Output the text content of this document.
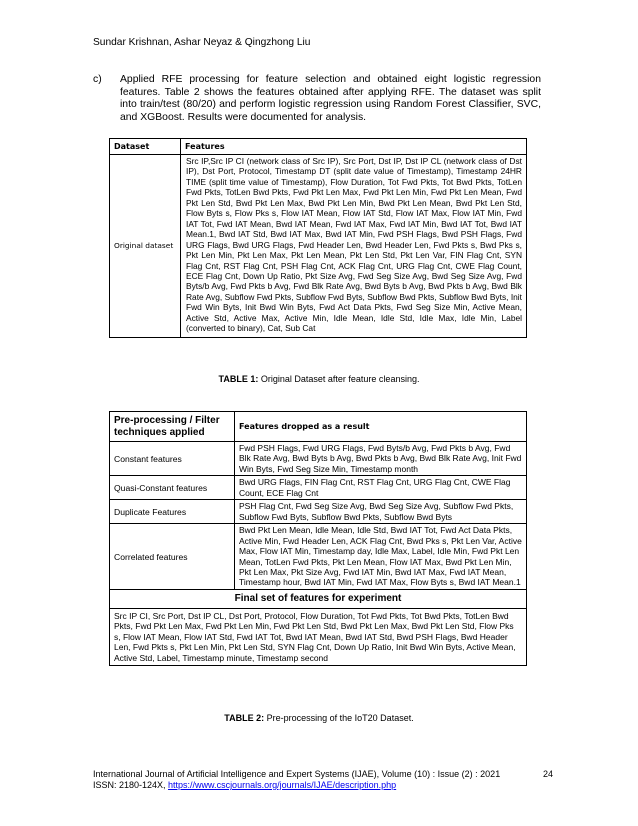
Sundar Krishnan, Ashar Neyaz & Qingzhong Liu
c) Applied RFE processing for feature selection and obtained eight logistic regression features. Table 2 shows the features obtained after applying RFE. The dataset was split into train/test (80/20) and perform logistic regression using Random Forest Classifier, SVC, and XGBoost. Results were documented for analysis.
Dataset	Features
Original dataset	Src IP,Src IP CI (network class of Src IP), Src Port, Dst IP, Dst IP CL (network class of Dst IP), Dst Port, Protocol, Timestamp DT (split date value of Timestamp), Timestamp 24HR TIME (split time value of Timestamp), Flow Duration, Tot Fwd Pkts, Tot Bwd Pkts, TotLen Fwd Pkts, TotLen Bwd Pkts, Fwd Pkt Len Max, Fwd Pkt Len Min, Fwd Pkt Len Mean, Fwd Pkt Len Std, Bwd Pkt Len Max, Bwd Pkt Len Min, Bwd Pkt Len Mean, Bwd Pkt Len Std, Flow Byts s, Flow Pks s, Flow IAT Mean, Flow IAT Std, Flow IAT Max, Flow IAT Min, Fwd IAT Tot, Fwd IAT Mean, Bwd IAT Mean, Fwd IAT Max, Fwd IAT Min, Bwd IAT Tot, Bwd IAT Mean.1, Bwd IAT Std, Bwd IAT Max, Bwd IAT Min, Fwd PSH Flags, Bwd PSH Flags, Fwd URG Flags, Bwd URG Flags, Fwd Header Len, Bwd Header Len, Fwd Pkts s, Bwd Pks s, Pkt Len Min, Pkt Len Max, Pkt Len Mean, Pkt Len Std, Pkt Len Var, FIN Flag Cnt, SYN Flag Cnt, RST Flag Cnt, PSH Flag Cnt, ACK Flag Cnt, URG Flag Cnt, CWE Flag Count, ECE Flag Cnt, Down Up Ratio, Pkt Size Avg, Fwd Seg Size Avg, Bwd Seg Size Avg, Fwd Byts/b Avg, Fwd Pkts b Avg, Fwd Blk Rate Avg, Bwd Byts b Avg, Bwd Pkts b Avg, Bwd Blk Rate Avg, Subflow Fwd Pkts, Subflow Fwd Byts, Subflow Bwd Pkts, Subflow Bwd Byts, Init Fwd Win Byts, Init Bwd Win Byts, Fwd Act Data Pkts, Fwd Seg Size Min, Active Mean, Active Std, Active Max, Active Min, Idle Mean, Idle Std, Idle Max, Idle Min, Label (converted to binary), Cat, Sub Cat
TABLE 1: Original Dataset after feature cleansing.
Pre-processing / Filter techniques applied	Features dropped as a result
Constant features	Fwd PSH Flags, Fwd URG Flags, Fwd Byts/b Avg, Fwd Pkts b Avg, Fwd Blk Rate Avg, Bwd Byts b Avg, Bwd Pkts b Avg, Bwd Blk Rate Avg, Init Fwd Win Byts, Fwd Seg Size Min, Timestamp month
Quasi-Constant features	Bwd URG Flags, FIN Flag Cnt, RST Flag Cnt, URG Flag Cnt, CWE Flag Count, ECE Flag Cnt
Duplicate Features	PSH Flag Cnt, Fwd Seg Size Avg, Bwd Seg Size Avg, Subflow Fwd Pkts, Subflow Fwd Byts, Subflow Bwd Pkts, Subflow Bwd Byts
Correlated features	Bwd Pkt Len Mean, Idle Mean, Idle Std, Bwd IAT Tot, Fwd Act Data Pkts, Active Min, Fwd Header Len, ACK Flag Cnt, Bwd Pks s, Pkt Len Var, Active Max, Flow IAT Min, Timestamp day, Idle Max, Label, Idle Min, Fwd Pkt Len Mean, TotLen Fwd Pkts, Pkt Len Mean, Flow IAT Max, Bwd Pkt Len Min, Pkt Len Max, Pkt Size Avg, Fwd IAT Min, Bwd IAT Max, Fwd IAT Mean, Timestamp hour, Bwd IAT Min, Fwd IAT Max, Flow Byts s, Bwd IAT Mean.1
Final set of features for experiment	
Src IP CI, Src Port, Dst IP CL, Dst Port, Protocol, Flow Duration, Tot Fwd Pkts, Tot Bwd Pkts, TotLen Bwd Pkts, Fwd Pkt Len Max, Fwd Pkt Len Min, Fwd Pkt Len Std, Bwd Pkt Len Max, Bwd Pkt Len Std, Flow Pks s, Flow IAT Mean, Flow IAT Std, Fwd IAT Tot, Bwd IAT Mean, Bwd IAT Std, Bwd PSH Flags, Bwd Header Len, Fwd Pkts s, Pkt Len Min, Pkt Len Std, SYN Flag Cnt, Down Up Ratio, Init Bwd Win Byts, Active Mean, Active Std, Label, Timestamp minute, Timestamp second	
TABLE 2: Pre-processing of the IoT20 Dataset.
International Journal of Artificial Intelligence and Expert Systems (IJAE), Volume (10) : Issue (2) : 2021	24
ISSN: 2180-124X, https://www.cscjournals.org/journals/IJAE/description.php
